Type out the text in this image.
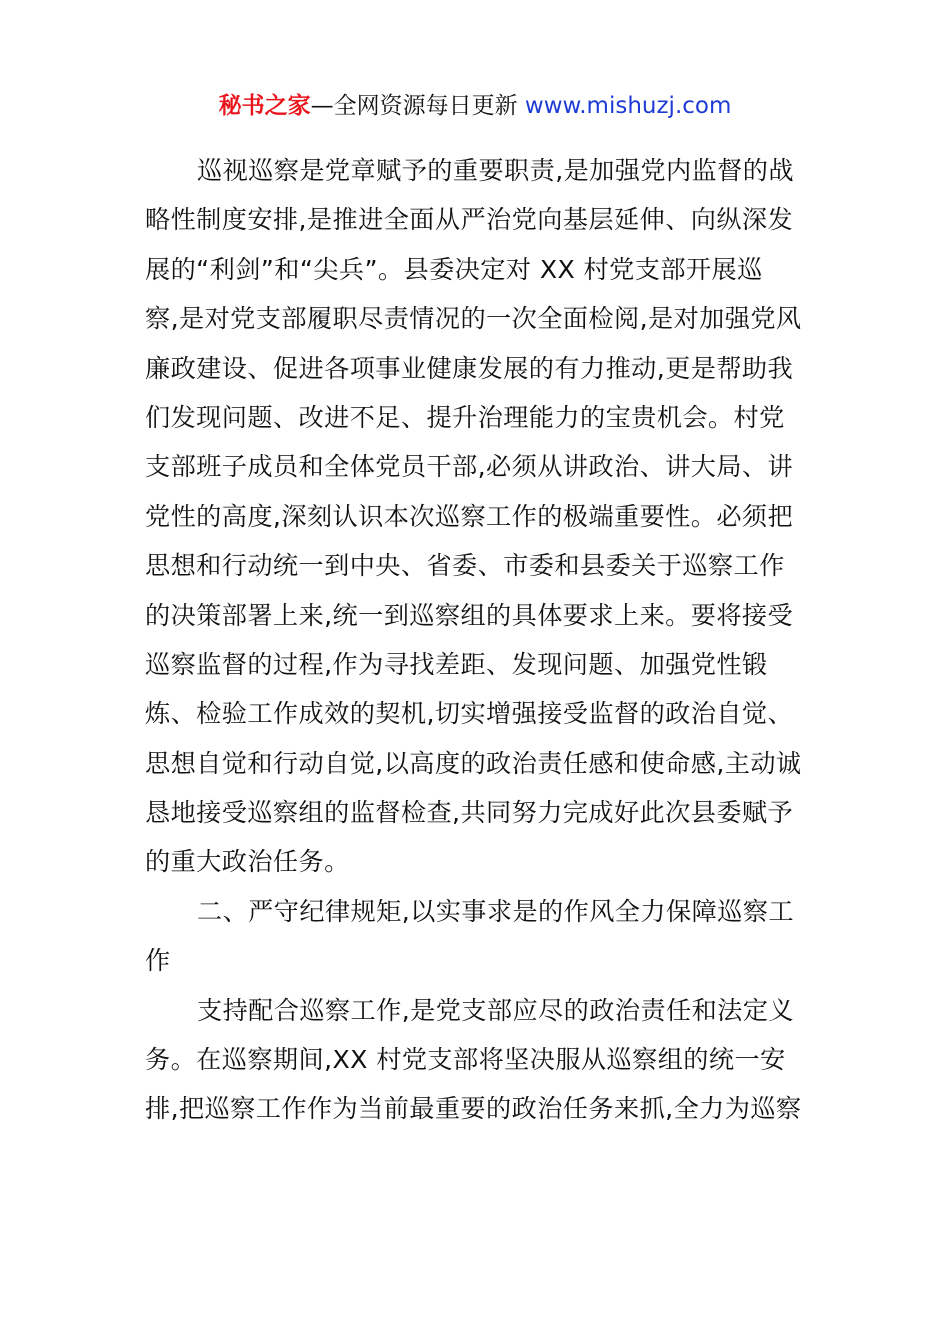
秘书之家—全网资源每日更新 www.mishuzj.com
巡视巡察是党章赋予的重要职责,是加强党内监督的战
略性制度安排,是推进全面从严治党向基层延伸、向纵深发
展的“利剑”和“尖兵”。县委决定对 XX 村党支部开展巡
察,是对党支部履职尽责情况的一次全面检阅,是对加强党风
廉政建设、促进各项事业健康发展的有力推动,更是帮助我
们发现问题、改进不足、提升治理能力的宝贵机会。村党
支部班子成员和全体党员干部,必须从讲政治、讲大局、讲
党性的高度,深刻认识本次巡察工作的极端重要性。必须把
思想和行动统一到中央、省委、市委和县委关于巡察工作
的决策部署上来,统一到巡察组的具体要求上来。要将接受
巡察监督的过程,作为寻找差距、发现问题、加强党性锻
炼、检验工作成效的契机,切实增强接受监督的政治自觉、
思想自觉和行动自觉,以高度的政治责任感和使命感,主动诚
恳地接受巡察组的监督检查,共同努力完成好此次县委赋予
的重大政治任务。
二、严守纪律规矩,以实事求是的作风全力保障巡察工
作
支持配合巡察工作,是党支部应尽的政治责任和法定义
务。在巡察期间,XX 村党支部将坚决服从巡察组的统一安
排,把巡察工作作为当前最重要的政治任务来抓,全力为巡察
